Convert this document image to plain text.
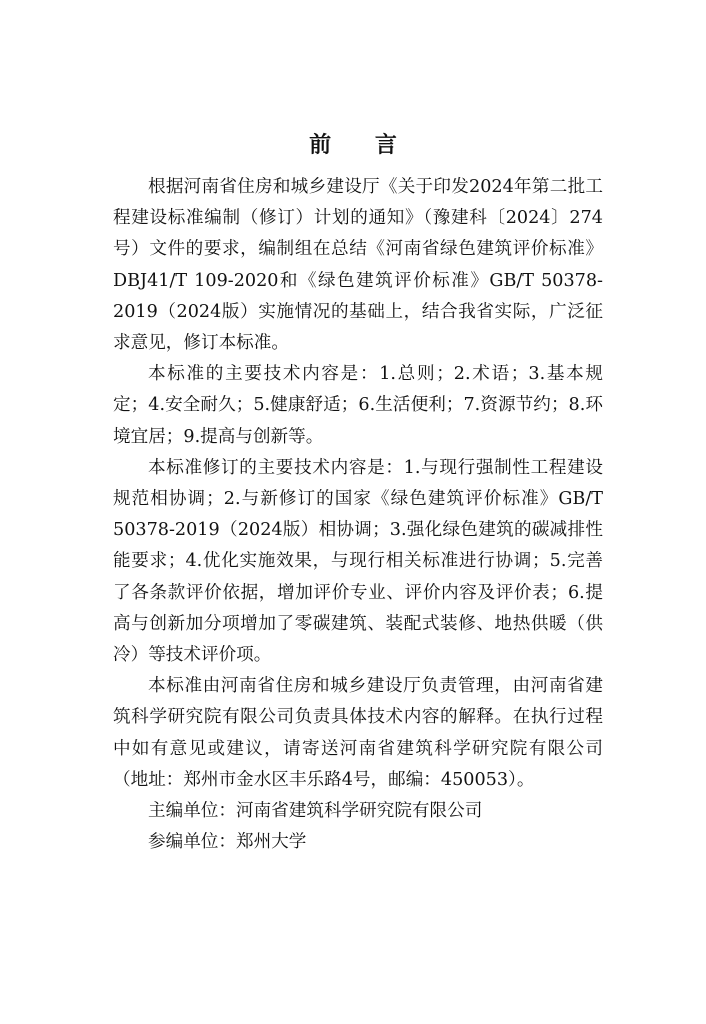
前 言

根据河南省住房和城乡建设厅《关于印发2024年第二批工程建设标准编制（修订）计划的通知》（豫建科〔2024〕274号）文件的要求，编制组在总结《河南省绿色建筑评价标准》DBJ41/T 109-2020和《绿色建筑评价标准》GB/T 50378-2019（2024版）实施情况的基础上，结合我省实际，广泛征求意见，修订本标准。

本标准的主要技术内容是：1.总则；2.术语；3.基本规定；4.安全耐久；5.健康舒适；6.生活便利；7.资源节约；8.环境宜居；9.提高与创新等。

本标准修订的主要技术内容是：1.与现行强制性工程建设规范相协调；2.与新修订的国家《绿色建筑评价标准》GB/T 50378-2019（2024版）相协调；3.强化绿色建筑的碳减排性能要求；4.优化实施效果，与现行相关标准进行协调；5.完善了各条款评价依据，增加评价专业、评价内容及评价表；6.提高与创新加分项增加了零碳建筑、装配式装修、地热供暖（供冷）等技术评价项。

本标准由河南省住房和城乡建设厅负责管理，由河南省建筑科学研究院有限公司负责具体技术内容的解释。在执行过程中如有意见或建议，请寄送河南省建筑科学研究院有限公司（地址：郑州市金水区丰乐路4号，邮编：450053）。

主编单位：河南省建筑科学研究院有限公司

参编单位：郑州大学
